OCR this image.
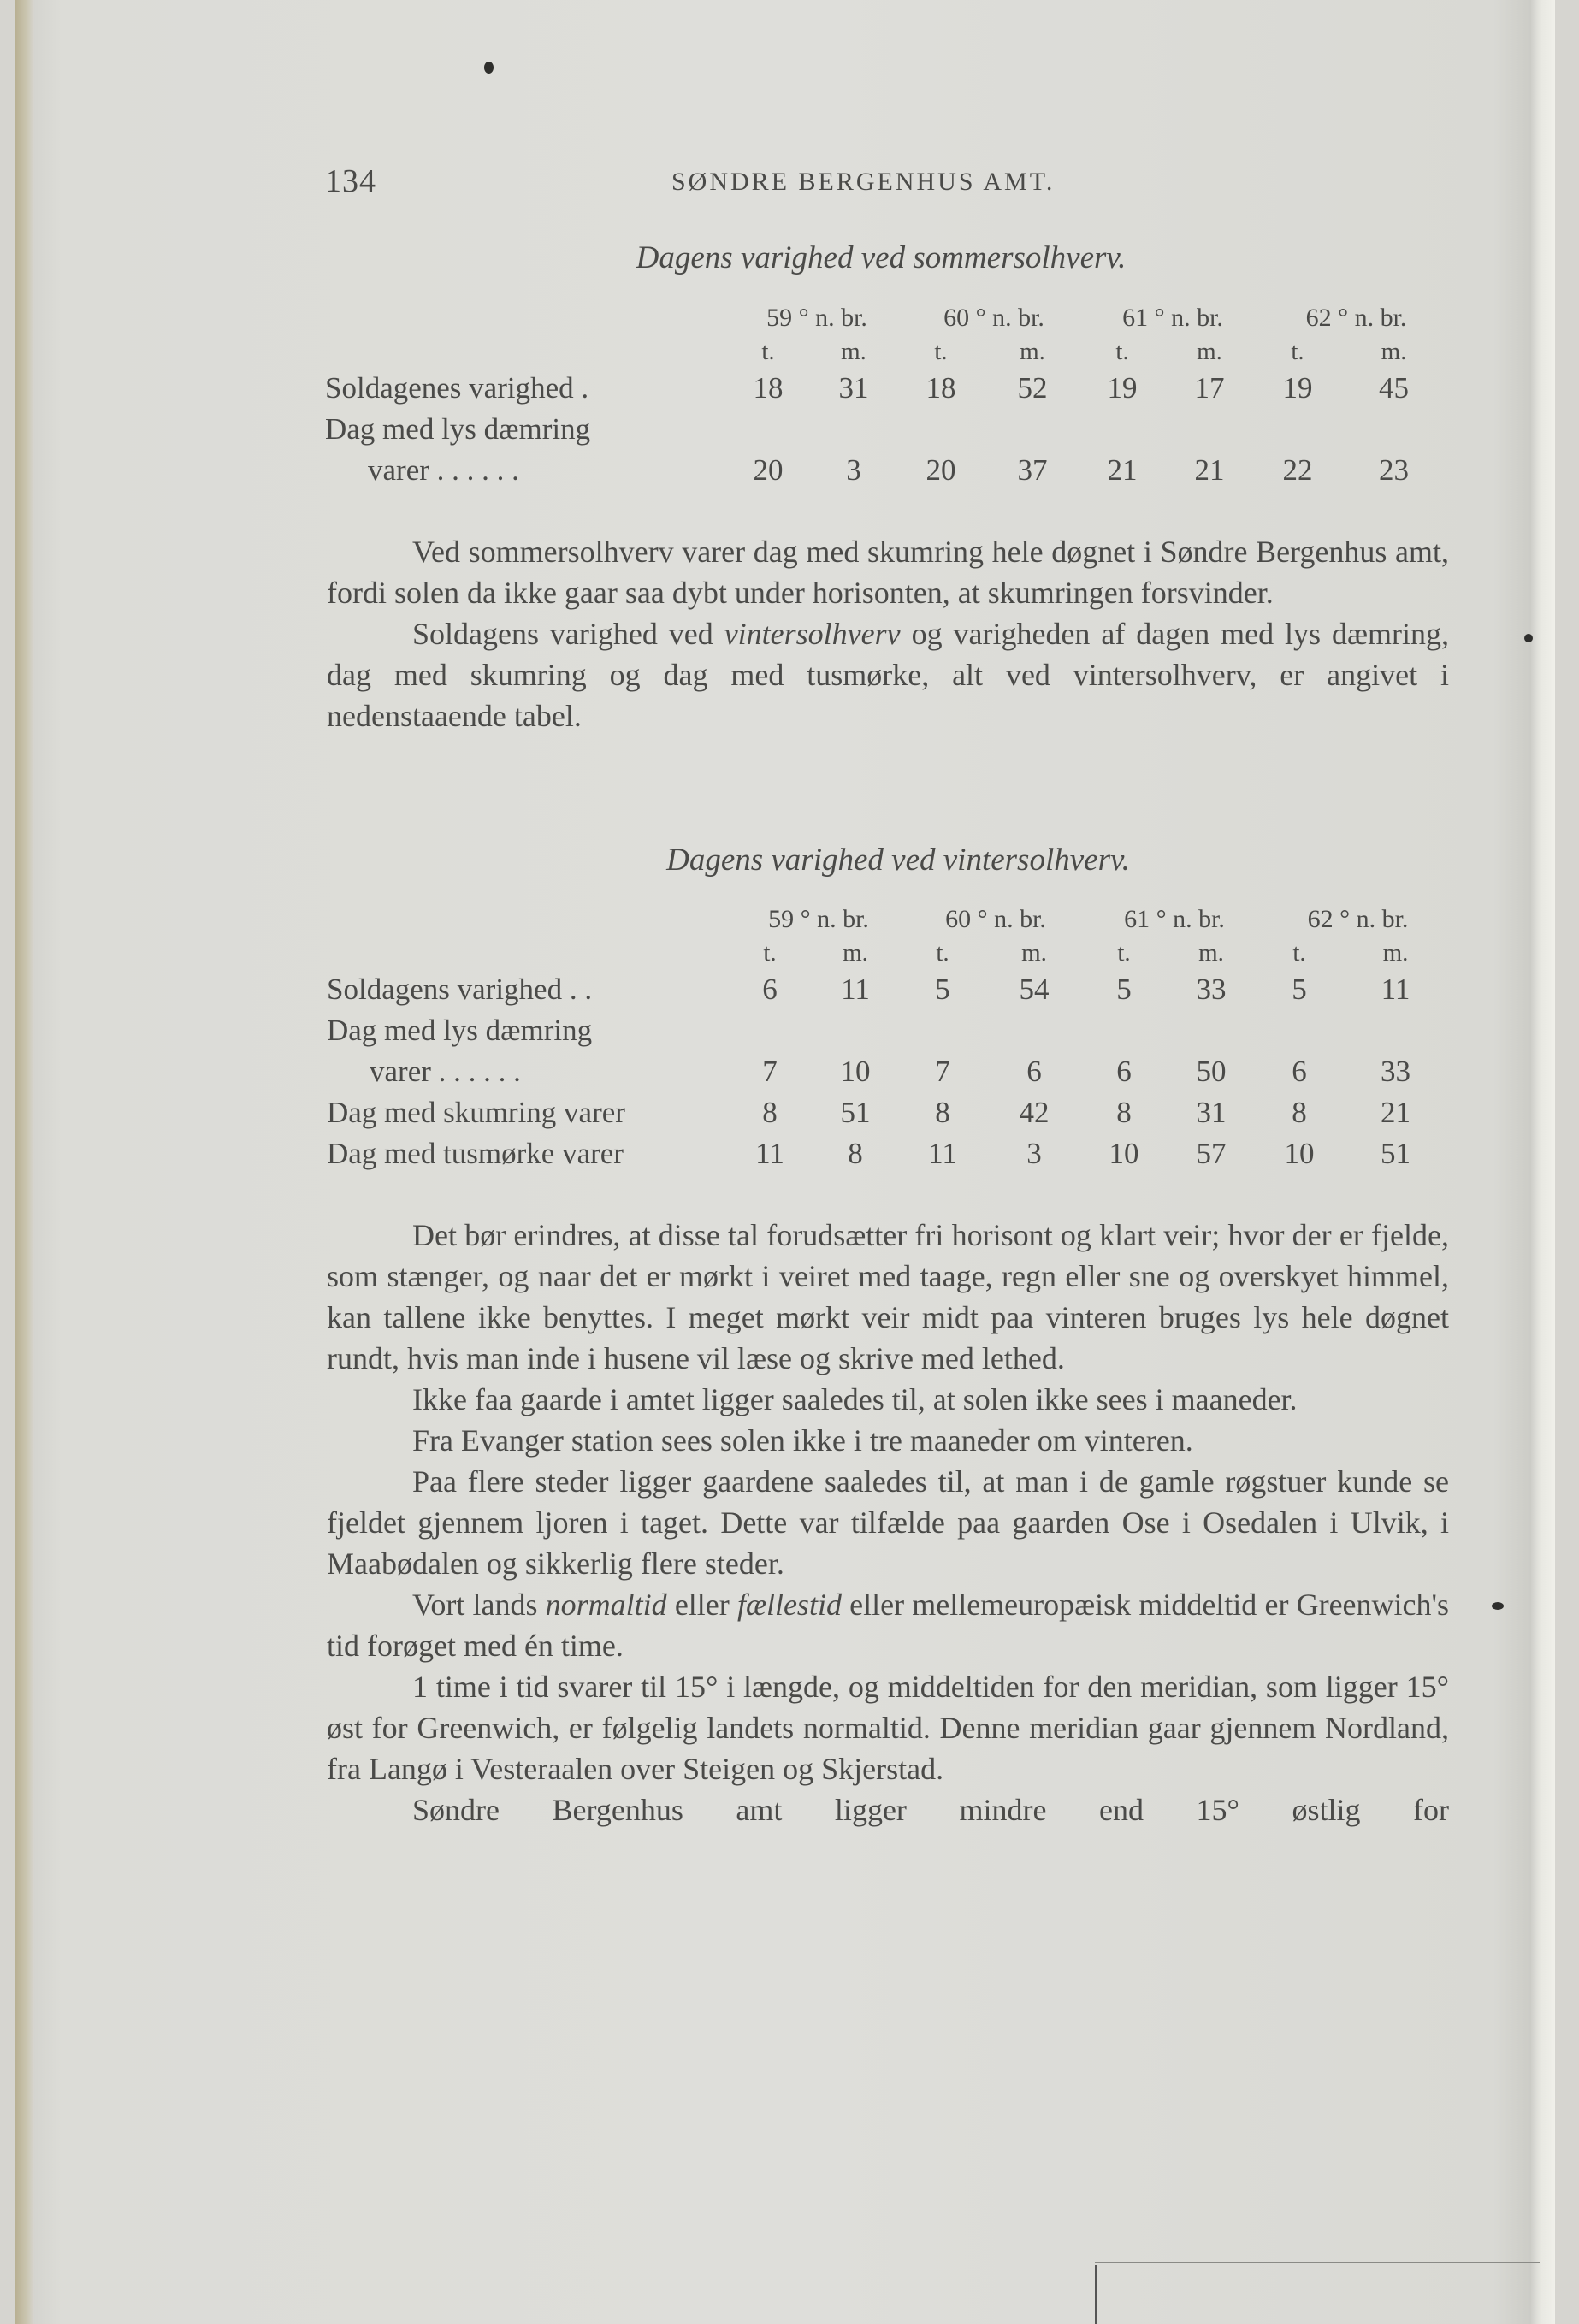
134	SØNDRE BERGENHUS AMT.
Dagens varighed ved sommersolhverv.
	59 ° n. br.		60 ° n. br.		61 ° n. br.		62 ° n. br.	
	t.	m.	t.	m.	t.	m.	t.	m.
Soldagenes varighed .	18	31	18	52	19	17	19	45
Dag med lys dæmring								
varer . . . . . .	20	3	20	37	21	21	22	23

Ved sommersolhverv varer dag med skumring hele døgnet i Søndre Bergenhus amt, fordi solen da ikke gaar saa dybt under horisonten, at skumringen forsvinder.

Soldagens varighed ved vintersolhverv og varigheden af dagen med lys dæmring, dag med skumring og dag med tusmørke, alt ved vintersolhverv, er angivet i nedenstaaende tabel.

Dagens varighed ved vintersolhverv.
	59 ° n. br.		60 ° n. br.		61 ° n. br.		62 ° n. br.	
	t.	m.	t.	m.	t.	m.	t.	m.
Soldagens varighed . .	6	11	5	54	5	33	5	11
Dag med lys dæmring								
varer . . . . . .	7	10	7	6	6	50	6	33
Dag med skumring varer	8	51	8	42	8	31	8	21
Dag med tusmørke varer	11	8	11	3	10	57	10	51

Det bør erindres, at disse tal forudsætter fri horisont og klart veir; hvor der er fjelde, som stænger, og naar det er mørkt i veiret med taage, regn eller sne og overskyet himmel, kan tallene ikke benyttes. I meget mørkt veir midt paa vinteren bruges lys hele døgnet rundt, hvis man inde i husene vil læse og skrive med lethed.

Ikke faa gaarde i amtet ligger saaledes til, at solen ikke sees i maaneder.

Fra Evanger station sees solen ikke i tre maaneder om vinteren.

Paa flere steder ligger gaardene saaledes til, at man i de gamle røgstuer kunde se fjeldet gjennem ljoren i taget. Dette var tilfælde paa gaarden Ose i Osedalen i Ulvik, i Maabødalen og sikkerlig flere steder.

Vort lands normaltid eller fællestid eller mellemeuropæisk middeltid er Greenwich's tid forøget med én time.

1 time i tid svarer til 15° i længde, og middeltiden for den meridian, som ligger 15° øst for Greenwich, er følgelig landets normaltid. Denne meridian gaar gjennem Nordland, fra Langø i Vesteraalen over Steigen og Skjerstad.

Søndre Bergenhus amt ligger mindre end 15° østlig for
